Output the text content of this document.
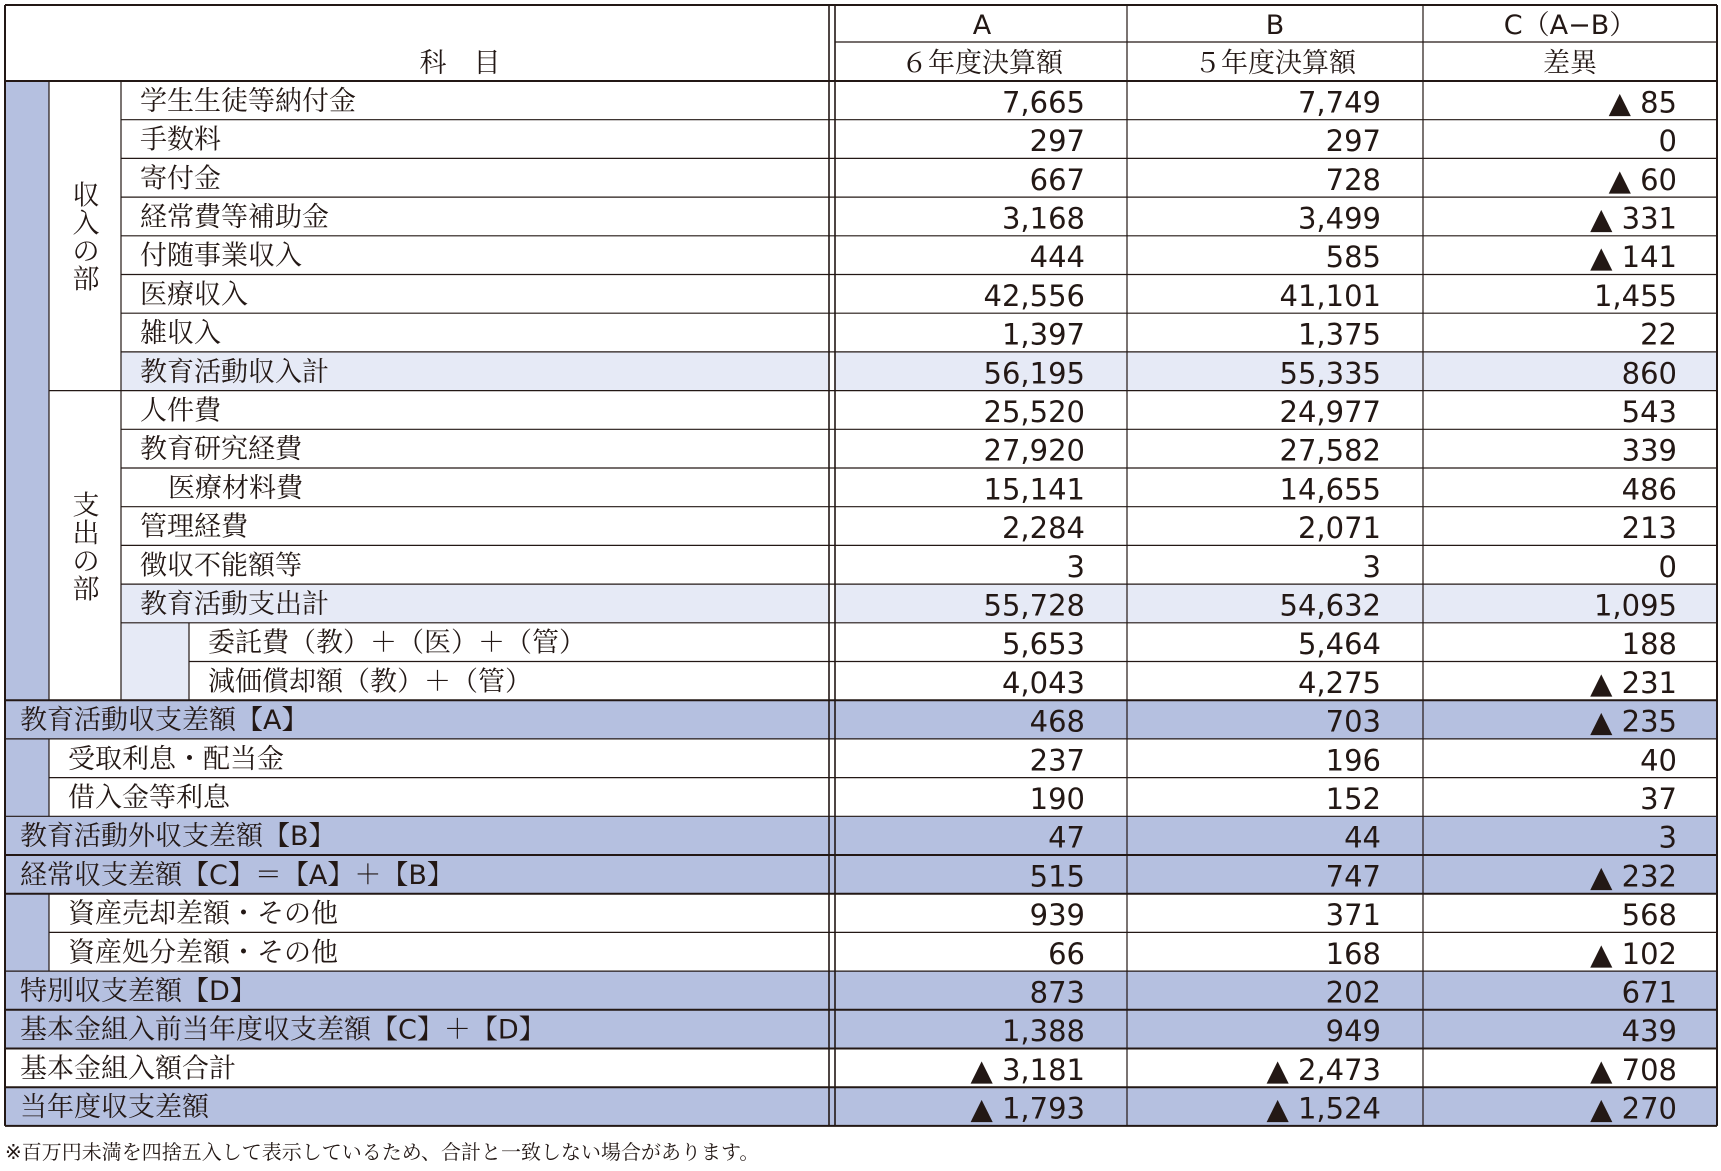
科　目
A	B	C（A−B）
６年度決算額	５年度決算額	差異
収
入
の
部
支
出
の
部
学生生徒等納付金	7,665	7,749	▲ 85
手数料	297	297	0
寄付金	667	728	▲ 60
経常費等補助金	3,168	3,499	▲ 331
付随事業収入	444	585	▲ 141
医療収入	42,556	41,101	1,455
雑収入	1,397	1,375	22
教育活動収入計	56,195	55,335	860
人件費	25,520	24,977	543
教育研究経費	27,920	27,582	339
医療材料費	15,141	14,655	486
管理経費	2,284	2,071	213
徴収不能額等	3	3	0
教育活動支出計	55,728	54,632	1,095
委託費（教）＋（医）＋（管）	5,653	5,464	188
減価償却額（教）＋（管）	4,043	4,275	▲ 231
教育活動収支差額【A】	468	703	▲ 235
受取利息・配当金	237	196	40
借入金等利息	190	152	37
教育活動外収支差額【B】	47	44	3
経常収支差額【C】＝【A】＋【B】	515	747	▲ 232
資産売却差額・その他	939	371	568
資産処分差額・その他	66	168	▲ 102
特別収支差額【D】	873	202	671
基本金組入前当年度収支差額【C】＋【D】	1,388	949	439
基本金組入額合計	▲ 3,181	▲ 2,473	▲ 708
当年度収支差額	▲ 1,793	▲ 1,524	▲ 270
※百万円未満を四捨五入して表示しているため、合計と一致しない場合があります。
